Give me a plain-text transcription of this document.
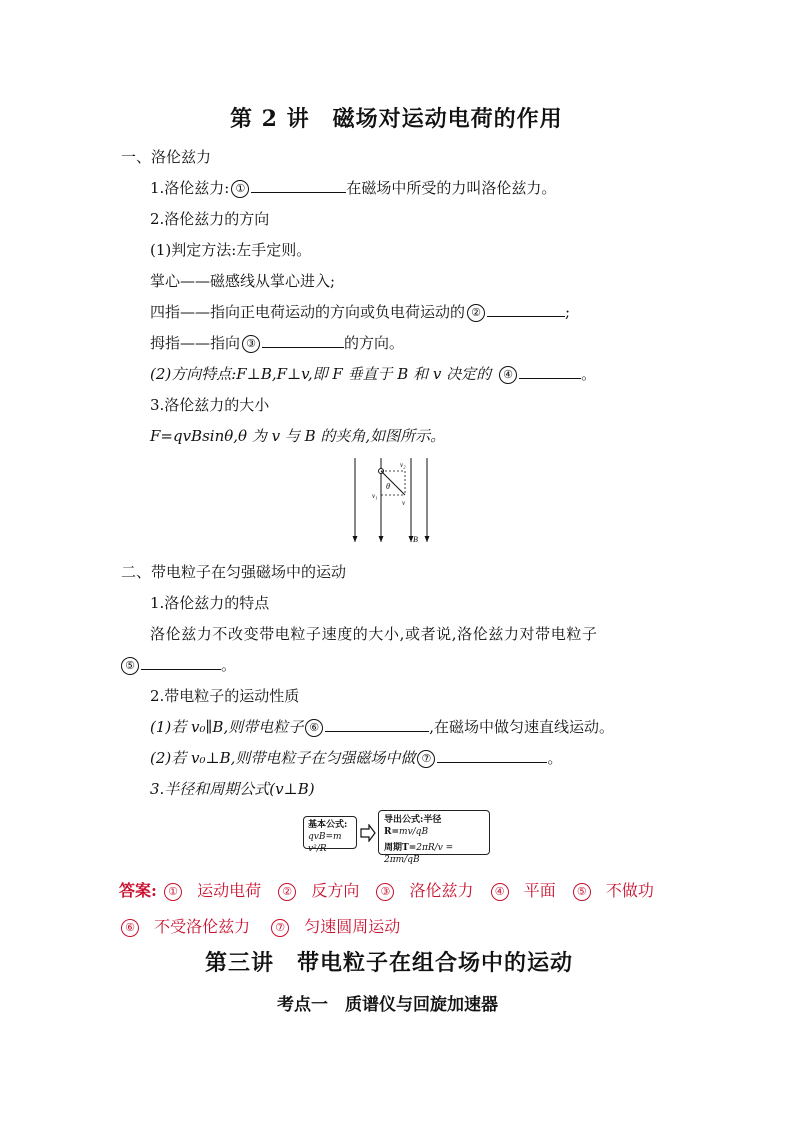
第 2 讲　磁场对运动电荷的作用
一、洛伦兹力
1.洛伦兹力: ①	在磁场中所受的力叫洛伦兹力。
2.洛伦兹力的方向
(1)判定方法:左手定则。
掌心——磁感线从掌心进入;
四指——指向正电荷运动的方向或负电荷运动的 ②	;
拇指——指向 ③	的方向。
(2)方向特点:F⊥B,F⊥v,即 F 垂直于 B 和 v 决定的 ④	。
3.洛伦兹力的大小
F=qvBsinθ,θ 为 v 与 B 的夹角,如图所示。
v₂
θ
v₁
v
B
二、带电粒子在匀强磁场中的运动
1.洛伦兹力的特点
洛伦兹力不改变带电粒子速度的大小,或者说,洛伦兹力对带电粒子
⑤	。
2.带电粒子的运动性质
(1)若 v₀∥B,则带电粒子 ⑥	,在磁场中做匀速直线运动。
(2)若 v₀⊥B,则带电粒子在匀强磁场中做 ⑦	。
3.半径和周期公式(v⊥B)
基本公式:
qvB=m v²/R
导出公式:半径R=mv/qB
周期T=2πR/v = 2πm/qB
答案: ① 运动电荷 ② 反方向 ③ 洛伦兹力 ④ 平面 ⑤ 不做功
⑥ 不受洛伦兹力 ⑦ 匀速圆周运动
第三讲　带电粒子在组合场中的运动
考点一　质谱仪与回旋加速器
